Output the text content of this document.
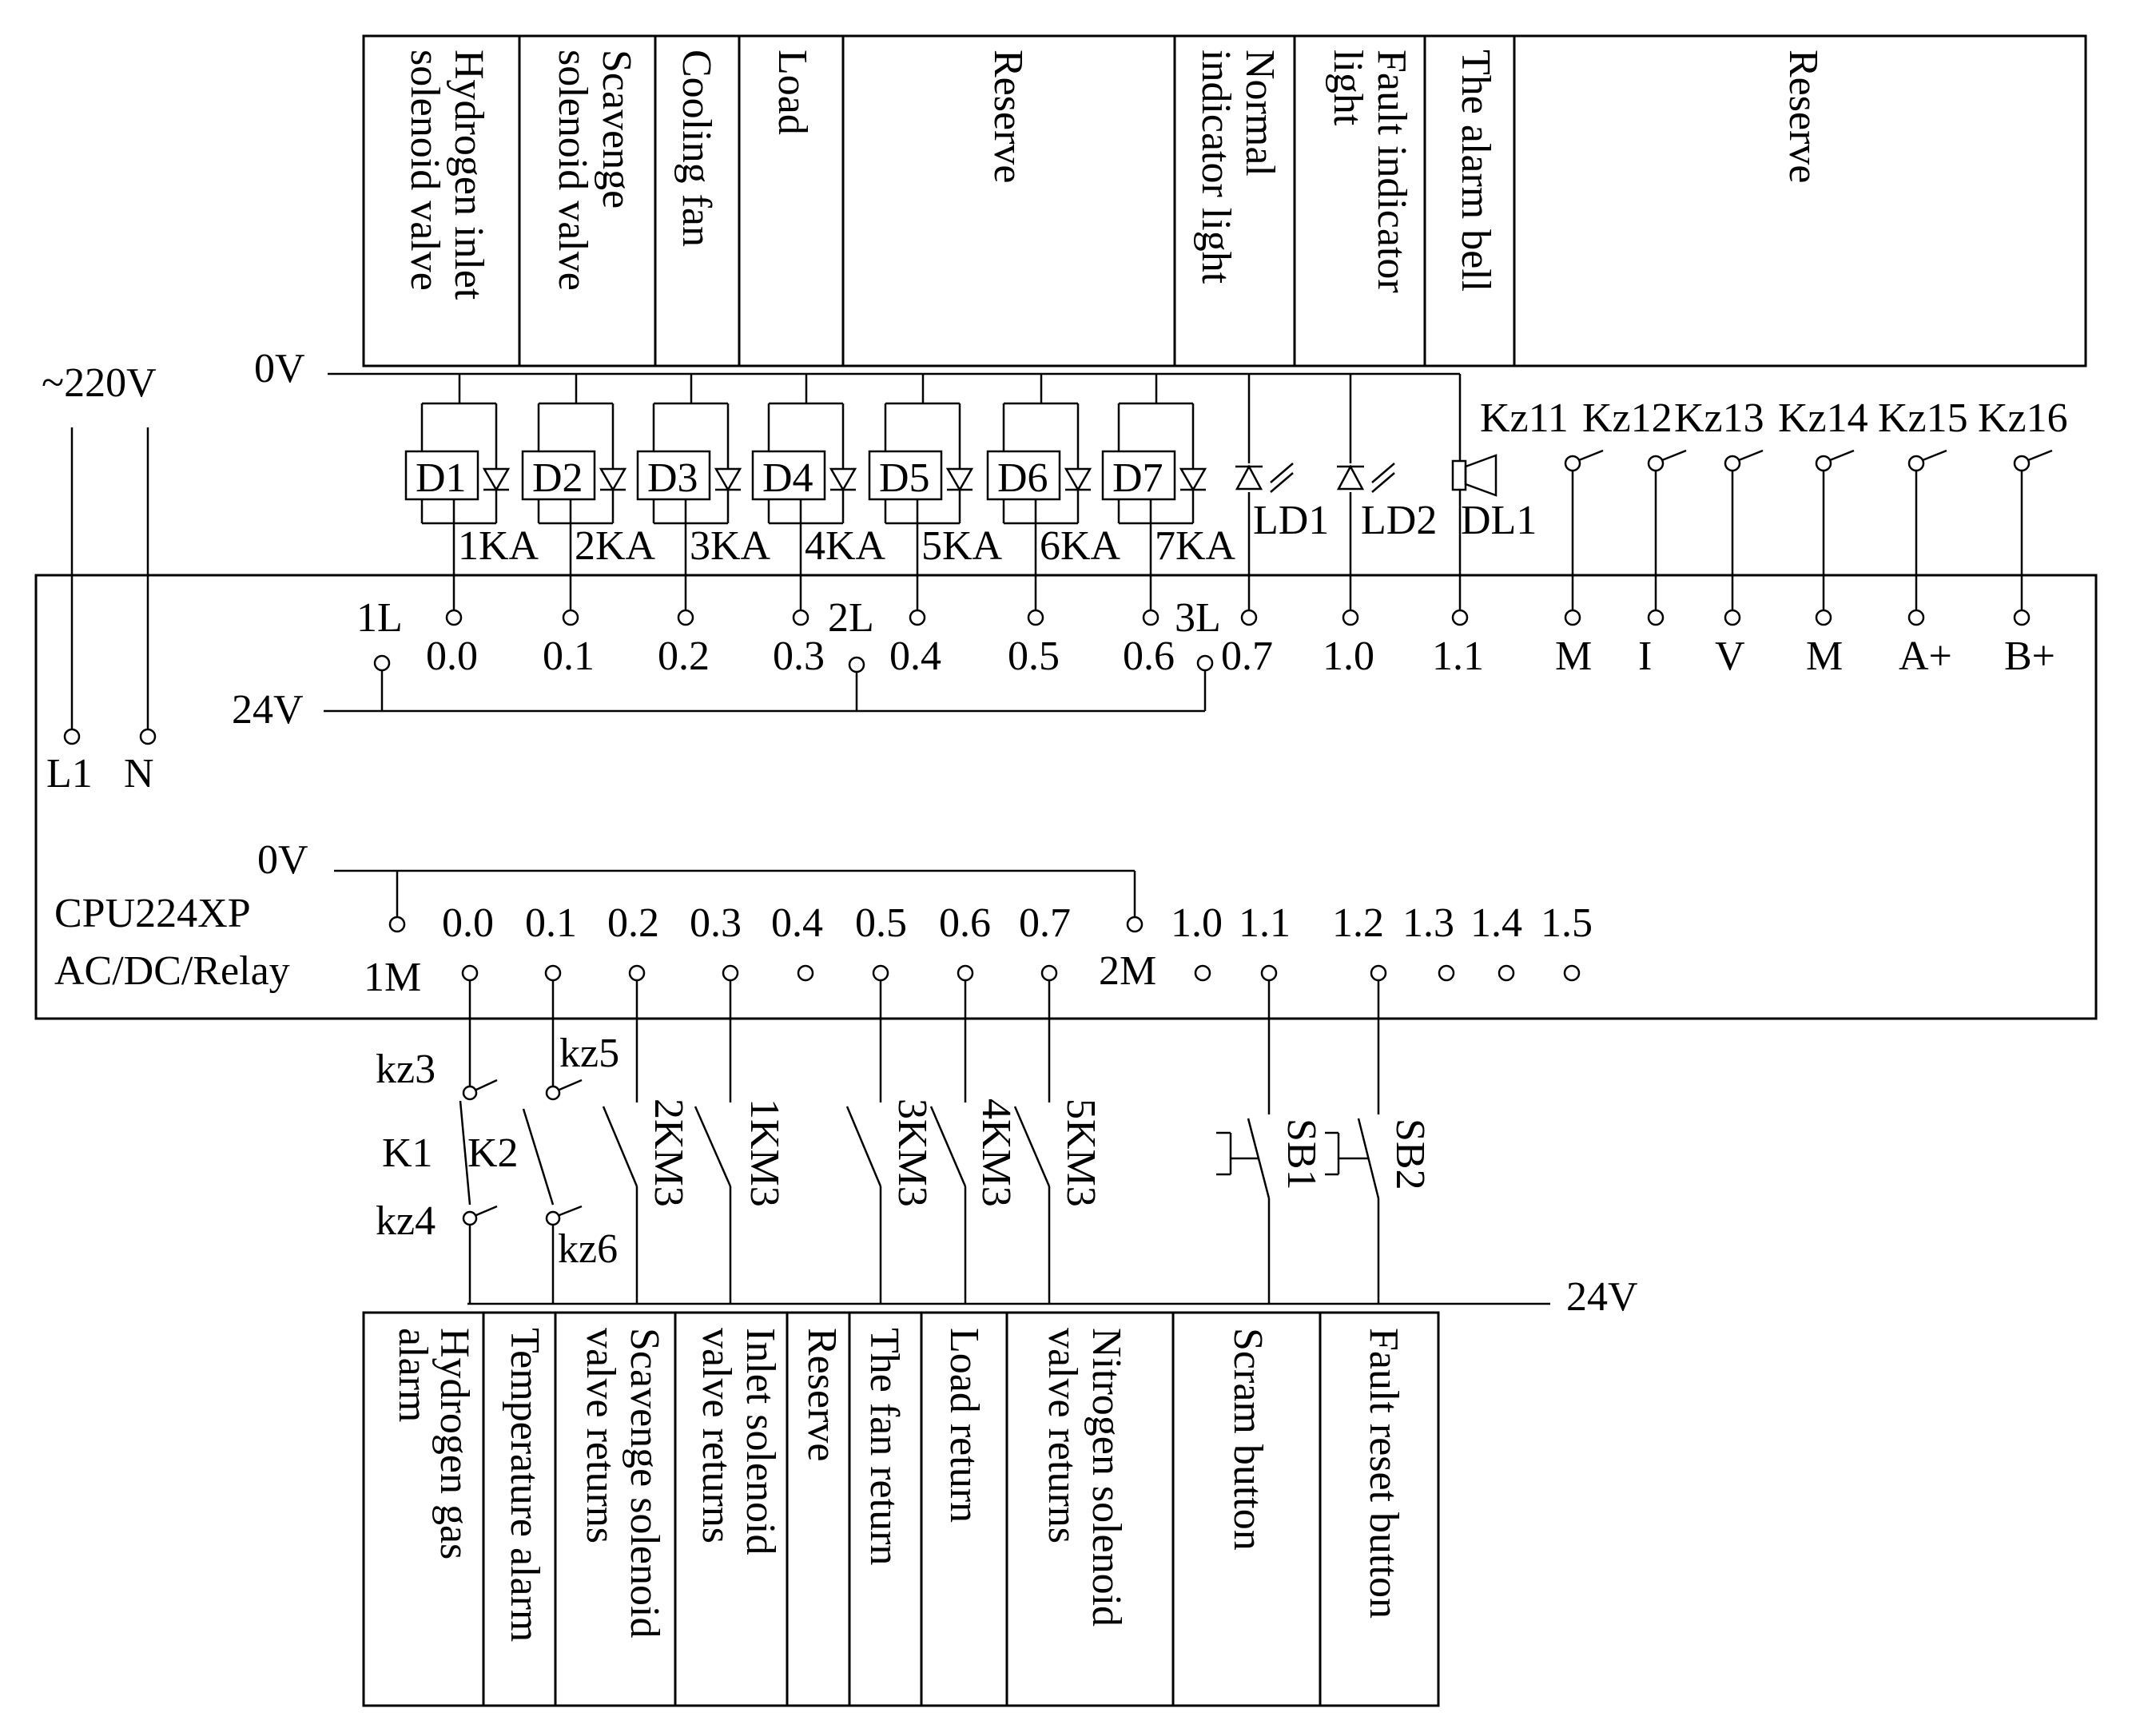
Hydrogen inlet
solenoid valve	Scavenge
solenoid valve Cooling fan Load	Reserve	Normal
indicator light	Fault indicator
light The alarm bell	Reserve
~220V
L1 N
CPU224XP
AC/DC/Relay
0V
D1
1KA
D2
2KA
D3
3KA
D4
4KA
D5
5KA
D6
6KA
D7
7KA
LD1 LD2 DL1
0.0 0.1 0.2 0.3 0.4 0.5 0.6 0.7 1.0 1.1
1L	2L	3L
24V
Kz11
M
Kz12
I
Kz13
V
Kz14
M
Kz15
A+
Kz16
B+
0V
1M	2M
0.0 0.1 0.2 0.3 0.4 0.5 0.6 0.7 1.0 1.1 1.2 1.3 1.4 1.5
24V
kz3
kz4
kz5
kz6
K1 K2	2KM3 1KM3 3KM3 4KM3 5KM3	SB1 SB2
Hydrogen gas
alarm Temperature alarm Scavenge solenoid
valve returns	Inlet solenoid
valve returns Reserve The fan return Load return Nitrogen solenoid
valve returns	Scram button Fault reset button
